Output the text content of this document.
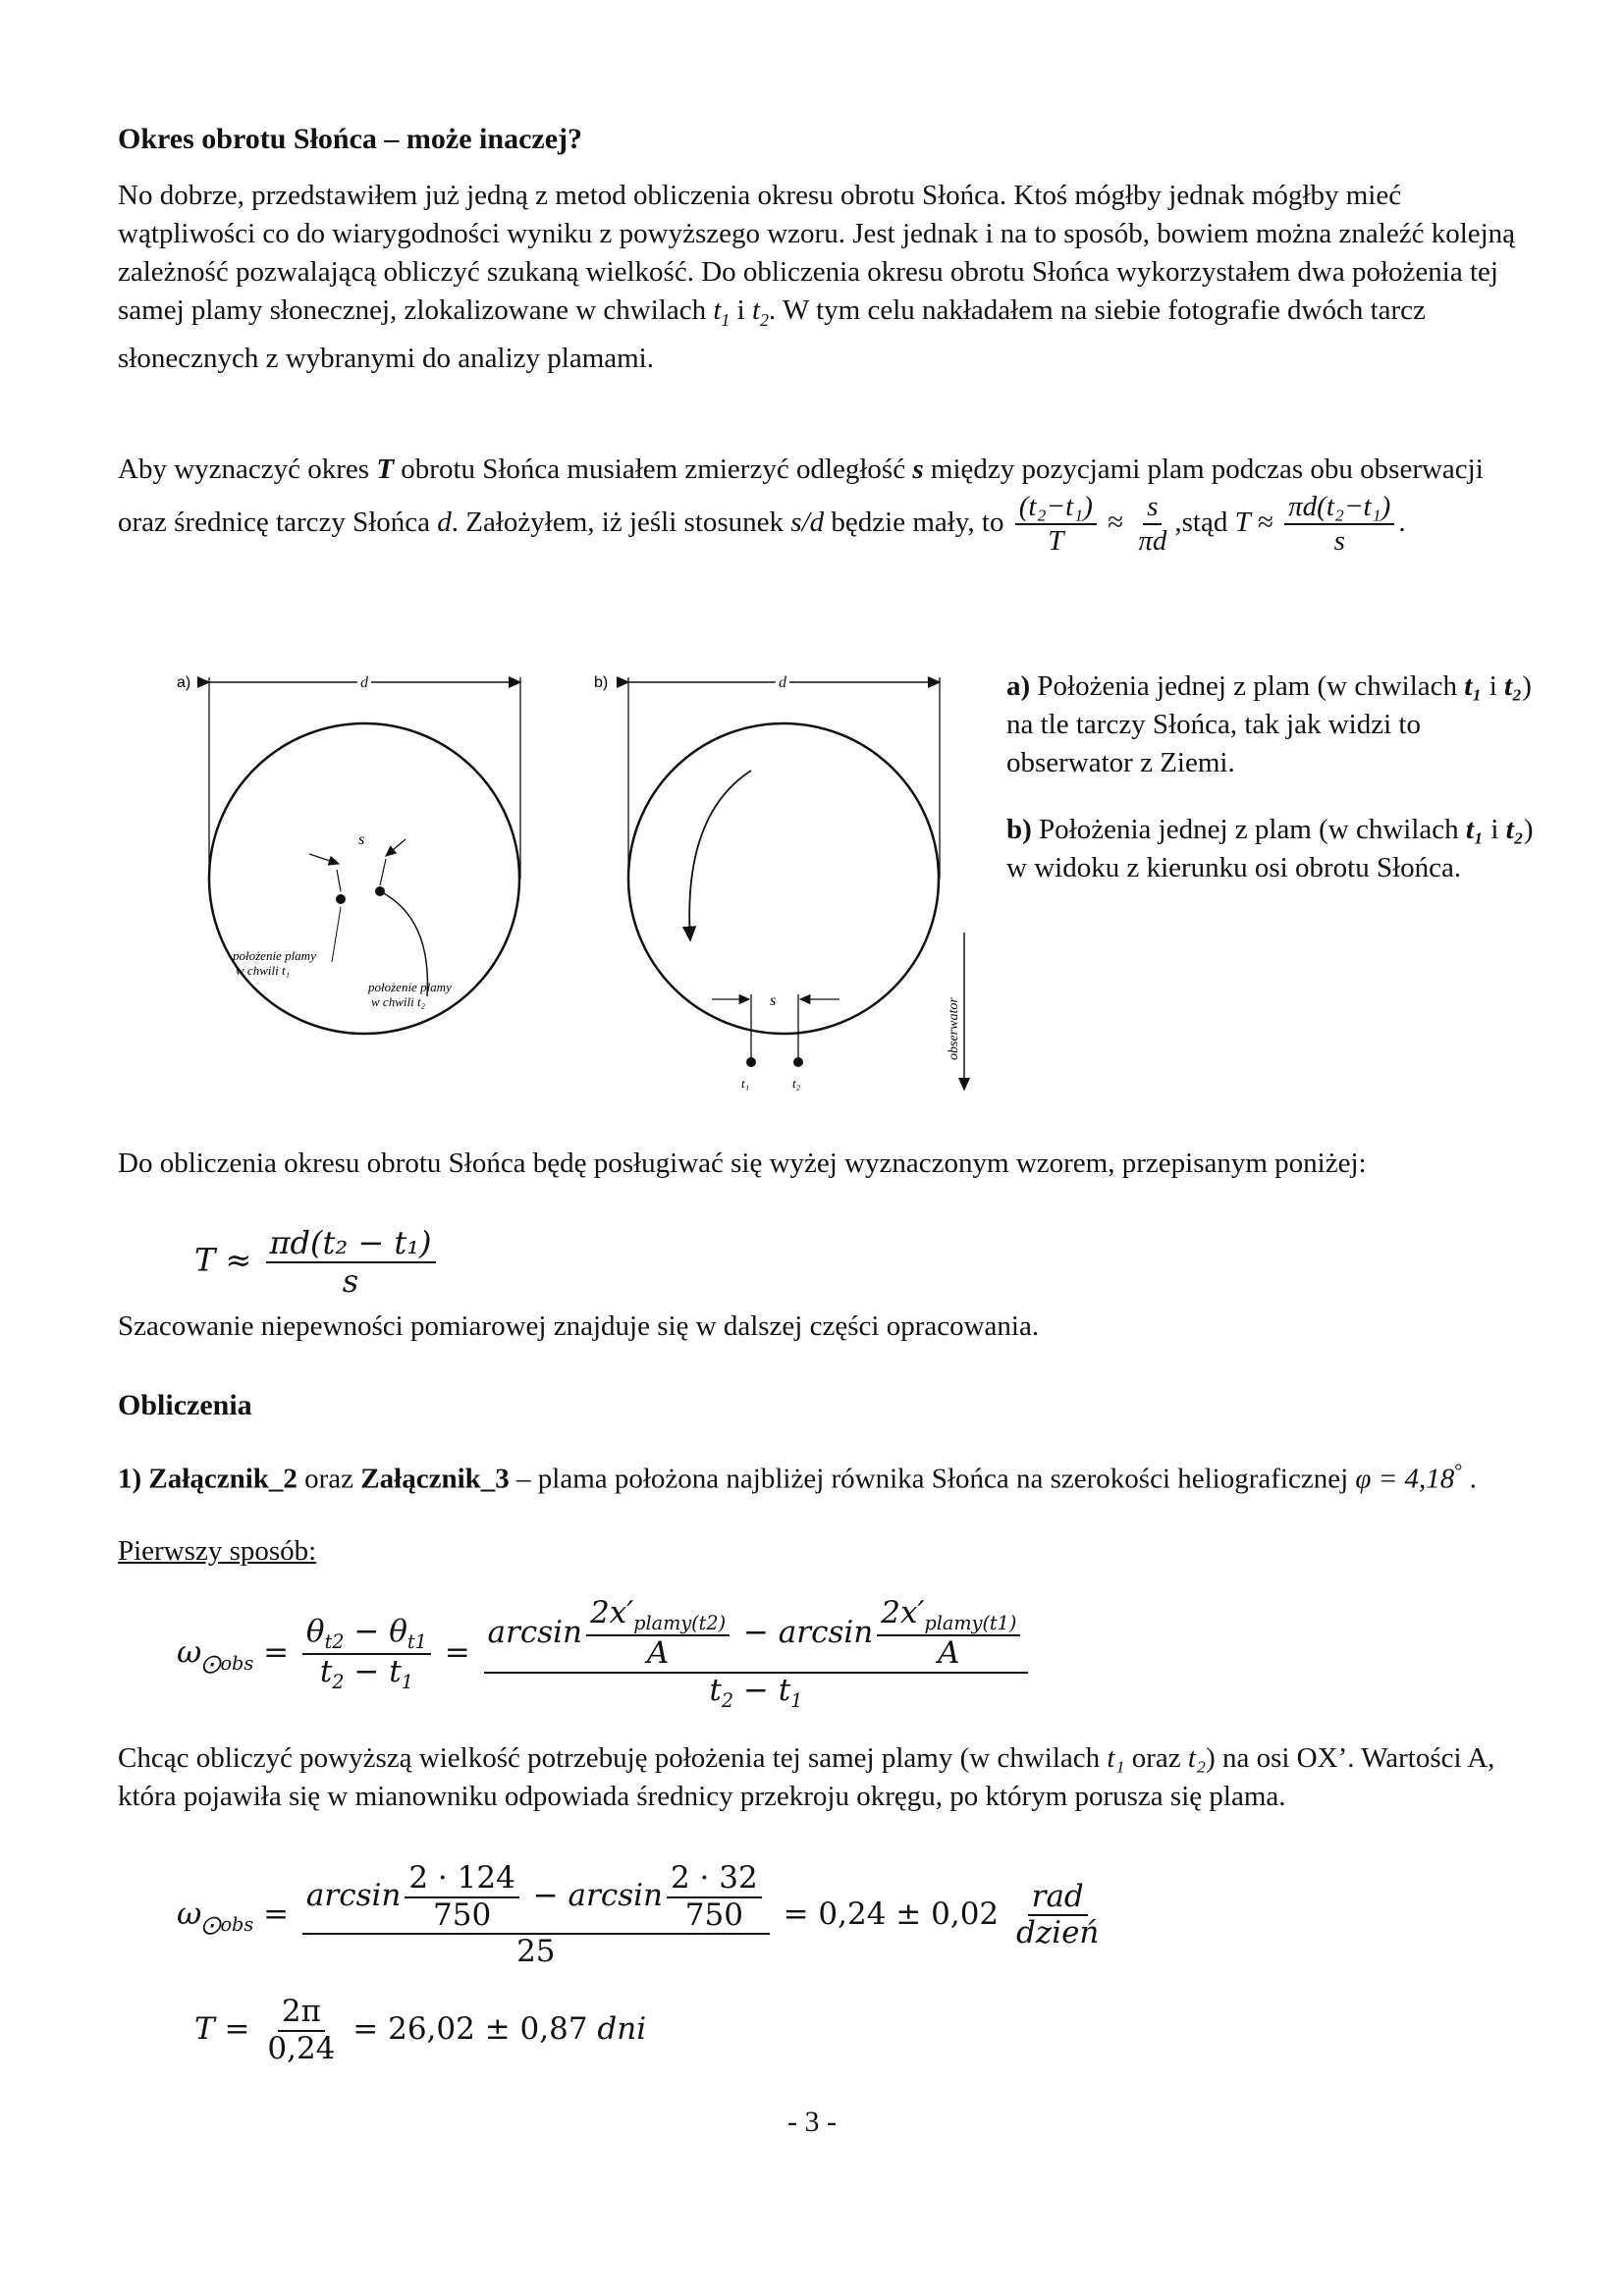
Okres obrotu Słońca – może inaczej?
No dobrze, przedstawiłem już jedną z metod obliczenia okresu obrotu Słońca. Ktoś mógłby jednak mógłby mieć wątpliwości co do wiarygodności wyniku z powyższego wzoru. Jest jednak i na to sposób, bowiem można znaleźć kolejną zależność pozwalającą obliczyć szukaną wielkość. Do obliczenia okresu obrotu Słońca wykorzystałem dwa położenia tej samej plamy słonecznej, zlokalizowane w chwilach $t_1$ i $t_2$. W tym celu nakładałem na siebie fotografie dwóch tarcz słonecznych z wybranymi do analizy plamami.
Aby wyznaczyć okres T obrotu Słońca musiałem zmierzyć odległość s między pozycjami plam podczas obu obserwacji oraz średnicę tarczy Słońca d. Założyłem, iż jeśli stosunek s/d będzie mały, to $\frac{\text{(t₂−t₁)}}{T} \approx \frac{s}{\pi d}$ ,stąd $T \approx \frac{\text{πd(t₂−t₁)}}{s}$ .
a)	d
s
położenie plamy
w chwili t₁
położenie plamy
w chwili t₂
b)	d
s
t₁	t₂
obserwator
a) Położenia jednej z plam (w chwilach t₁ i t₂) na tle tarczy Słońca, tak jak widzi to obserwator z Ziemi.
b) Położenia jednej z plam (w chwilach t₁ i t₂) w widoku z kierunku osi obrotu Słońca.
Do obliczenia okresu obrotu Słońca będę posługiwać się wyżej wyznaczonym wzorem, przepisanym poniżej:
$T \approx \frac{\text{πd(t₂ − t₁)}}{s}$
Szacowanie niepewności pomiarowej znajduje się w dalszej części opracowania.
Obliczenia
1) Załącznik_2 oraz Załącznik_3 – plama położona najbliżej równika Słońca na szerokości heliograficznej φ = 4,18° .
Pierwszy sposób:
$\omega_{⨀obs} = \frac{\theta_{t2} - \theta_{t1}}{t_2 - t_1} = \frac{\arcsin \frac{2x'_{plamy(t2)}}{A} - \arcsin \frac{2x'_{plamy(t1)}}{A}}{t_2 - t_1}$
Chcąc obliczyć powyższą wielkość potrzebuję położenia tej samej plamy (w chwilach t₁ oraz t₂) na osi OX’. Wartości A, która pojawiła się w mianowniku odpowiada średnicy przekroju okręgu, po którym porusza się plama.
$\omega_{⨀obs} = \frac{\arcsin \frac{2 \cdot 124}{750} - \arcsin \frac{2 \cdot 32}{750}}{25} = 0,24 \pm 0,02 \frac{\text{rad}}{\text{dzień}}$
$T = \frac{2\pi}{0,24} = 26,02 \pm 0,87$ dni
- 3 -
